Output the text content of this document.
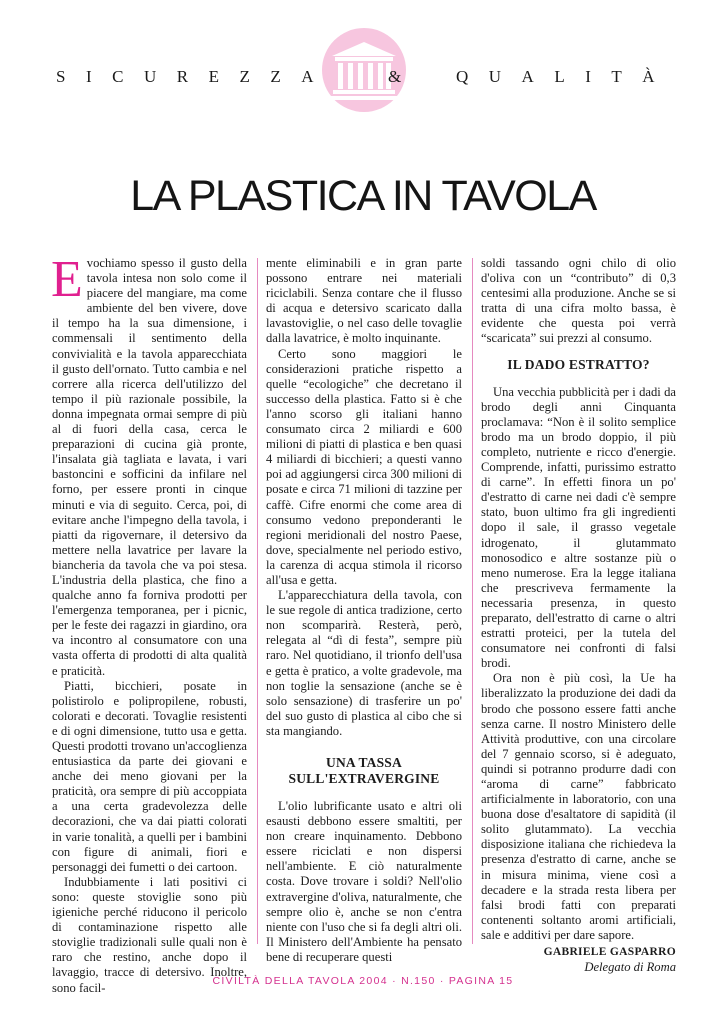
SICUREZZA	&	QUALITÀ
LA PLASTICA IN TAVOLA
E vochiamo spesso il gusto della tavola intesa non solo come il piacere del mangiare, ma come ambiente del ben vivere, dove il tempo ha la sua dimensione, i commensali il sentimento della convivialità e la tavola apparecchiata il gusto dell'ornato. Tutto cambia e nel correre alla ricerca dell'utilizzo del tempo il più razionale possibile, la donna impegnata ormai sempre di più al di fuori della casa, cerca le preparazioni di cucina già pronte, l'insalata già tagliata e lavata, i vari bastoncini e sofficini da infilare nel forno, per essere pronti in cinque minuti e via di seguito. Cerca, poi, di evitare anche l'impegno della tavola, i piatti da rigovernare, il detersivo da mettere nella lavatrice per lavare la biancheria da tavola che va poi stesa. L'industria della plastica, che fino a qualche anno fa forniva prodotti per l'emergenza temporanea, per i picnic, per le feste dei ragazzi in giardino, ora va incontro al consumatore con una vasta offerta di prodotti di alta qualità e praticità.

Piatti, bicchieri, posate in polistirolo e polipropilene, robusti, colorati e decorati. Tovaglie resistenti e di ogni dimensione, tutto usa e getta. Questi prodotti trovano un'accoglienza entusiastica da parte dei giovani e anche dei meno giovani per la praticità, ora sempre di più accoppiata a una certa gradevolezza delle decorazioni, che va dai piatti colorati in varie tonalità, a quelli per i bambini con figure di animali, fiori e personaggi dei fumetti o dei cartoon.

Indubbiamente i lati positivi ci sono: queste stoviglie sono più igieniche perché riducono il pericolo di contaminazione rispetto alle stoviglie tradizionali sulle quali non è raro che restino, anche dopo il lavaggio, tracce di detersivo. Inoltre, sono facil-

mente eliminabili e in gran parte possono entrare nei materiali riciclabili. Senza contare che il flusso di acqua e detersivo scaricato dalla lavastoviglie, o nel caso delle tovaglie dalla lavatrice, è molto inquinante.

Certo sono maggiori le considerazioni pratiche rispetto a quelle “ecologiche” che decretano il successo della plastica. Fatto si è che l'anno scorso gli italiani hanno consumato circa 2 miliardi e 600 milioni di piatti di plastica e ben quasi 4 miliardi di bicchieri; a questi vanno poi ad aggiungersi circa 300 milioni di posate e circa 71 milioni di tazzine per caffè. Cifre enormi che come area di consumo vedono preponderanti le regioni meridionali del nostro Paese, dove, specialmente nel periodo estivo, la carenza di acqua stimola il ricorso all'usa e getta.

L'apparecchiatura della tavola, con le sue regole di antica tradizione, certo non scomparirà. Resterà, però, relegata al “dì di festa”, sempre più raro. Nel quotidiano, il trionfo dell'usa e getta è pratico, a volte gradevole, ma non toglie la sensazione (anche se è solo sensazione) di trasferire un po' del suo gusto di plastica al cibo che si sta mangiando.

UNA TASSA
SULL'EXTRAVERGINE

L'olio lubrificante usato e altri oli esausti debbono essere smaltiti, per non creare inquinamento. Debbono essere riciclati e non dispersi nell'ambiente. E ciò naturalmente costa. Dove trovare i soldi? Nell'olio extravergine d'oliva, naturalmente, che sempre olio è, anche se non c'entra niente con l'uso che si fa degli altri oli. Il Ministero dell'Ambiente ha pensato bene di recuperare questi

soldi tassando ogni chilo di olio d'oliva con un “contributo” di 0,3 centesimi alla produzione. Anche se si tratta di una cifra molto bassa, è evidente che questa poi verrà “scaricata” sui prezzi al consumo.

IL DADO ESTRATTO?

Una vecchia pubblicità per i dadi da brodo degli anni Cinquanta proclamava: “Non è il solito semplice brodo ma un brodo doppio, il più completo, nutriente e ricco d'energie. Comprende, infatti, purissimo estratto di carne”. In effetti finora un po' d'estratto di carne nei dadi c'è sempre stato, buon ultimo fra gli ingredienti dopo il sale, il grasso vegetale idrogenato, il glutammato monosodico e altre sostanze più o meno numerose. Era la legge italiana che prescriveva fermamente la necessaria presenza, in questo preparato, dell'estratto di carne o altri estratti proteici, per la tutela del consumatore nei confronti di falsi brodi.

Ora non è più così, la Ue ha liberalizzato la produzione dei dadi da brodo che possono essere fatti anche senza carne. Il nostro Ministero delle Attività produttive, con una circolare del 7 gennaio scorso, si è adeguato, quindi si potranno produrre dadi con “aroma di carne” fabbricato artificialmente in laboratorio, con una buona dose d'esaltatore di sapidità (il solito glutammato). La vecchia disposizione italiana che richiedeva la presenza d'estratto di carne, anche se in misura minima, viene così a decadere e la strada resta libera per falsi brodi fatti con preparati contenenti soltanto aromi artificiali, sale e additivi per dare sapore.

GABRIELE GASPARRO
Delegato di Roma
CIVILTÀ DELLA TAVOLA 2004 · N.150 · PAGINA 15
